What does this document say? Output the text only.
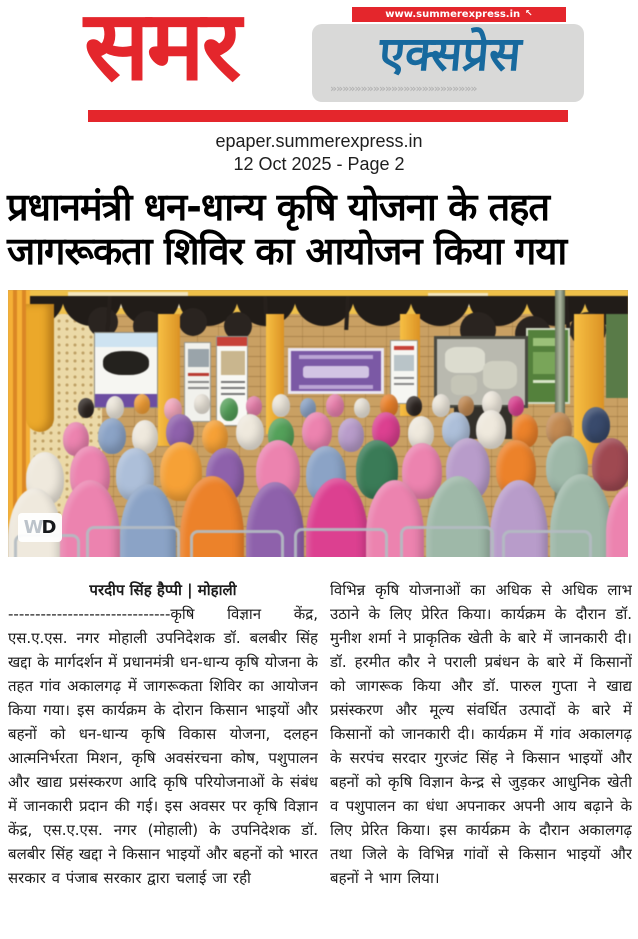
समर	www.summerexpress.in ↖
एक्सप्रेस
»»»»»»»»»»»»»»»»»»»»»»»»
epaper.summerexpress.in
12 Oct 2025 - Page 2
प्रधानमंत्री धन-धान्य कृषि योजना के तहत
जागरूकता शिविर का आयोजन किया गया
W D
परदीप सिंह हैप्पी | मोहाली
------------------------------कृषि विज्ञान केंद्र, एस.ए.एस. नगर मोहाली उपनिदेशक डॉ. बलबीर सिंह खद्दा के मार्गदर्शन में प्रधानमंत्री धन-धान्य कृषि योजना के तहत गांव अकालगढ़ में जागरूकता शिविर का आयोजन किया गया। इस कार्यक्रम के दोरान किसान भाइयों और बहनों को धन-धान्य कृषि विकास योजना, दलहन आत्मनिर्भरता मिशन, कृषि अवसंरचना कोष, पशुपालन और खाद्य प्रसंस्करण आदि कृषि परियोजनाओं के संबंध में जानकारी प्रदान की गई। इस अवसर पर कृषि विज्ञान केंद्र, एस.ए.एस. नगर (मोहाली) के उपनिदेशक डॉ. बलबीर सिंह खद्दा ने किसान भाइयों और बहनों को भारत सरकार व पंजाब सरकार द्वारा चलाई जा रही
विभिन्न कृषि योजनाओं का अधिक से अधिक लाभ उठाने के लिए प्रेरित किया। कार्यक्रम के दौरान डॉ. मुनीश शर्मा ने प्राकृतिक खेती के बारे में जानकारी दी। डॉ. हरमीत कौर ने पराली प्रबंधन के बारे में किसानों को जागरूक किया और डॉ. पारुल गुप्ता ने खाद्य प्रसंस्करण और मूल्य संवर्धित उत्पादों के बारे में किसानों को जानकारी दी। कार्यक्रम में गांव अकालगढ़ के सरपंच सरदार गुरजंट सिंह ने किसान भाइयों और बहनों को कृषि विज्ञान केन्द्र से जुड़कर आधुनिक खेती व पशुपालन का धंधा अपनाकर अपनी आय बढ़ाने के लिए प्रेरित किया। इस कार्यक्रम के दौरान अकालगढ़ तथा जिले के विभिन्न गांवों से किसान भाइयों और बहनों ने भाग लिया।
